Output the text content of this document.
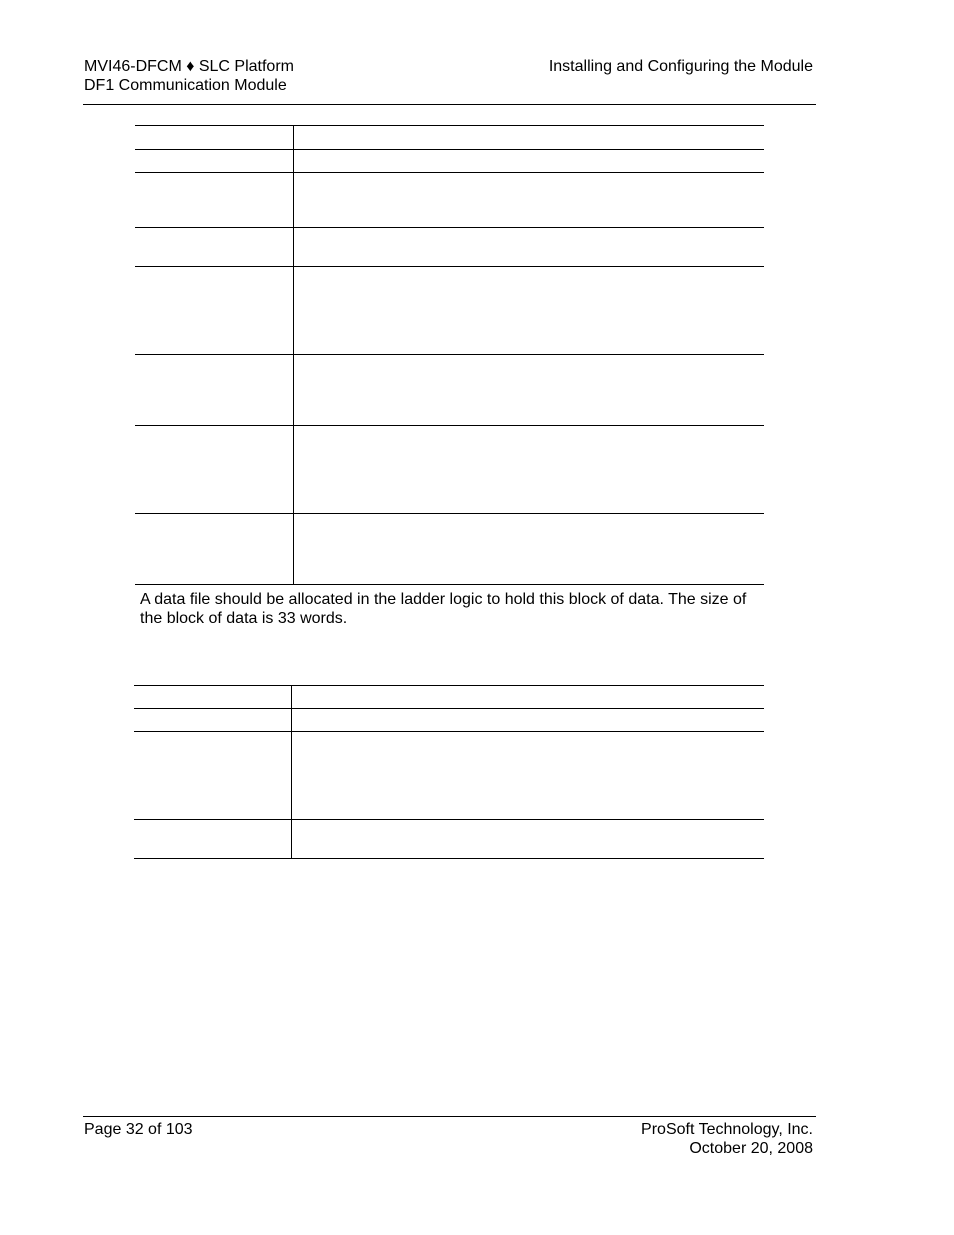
MVI46-DFCM ♦ SLC Platform
DF1 Communication Module
Installing and Configuring the Module

A data file should be allocated in the ladder logic to hold this block of data. The size of the block of data is 33 words.

Page 32 of 103	ProSoft Technology, Inc.
October 20, 2008
